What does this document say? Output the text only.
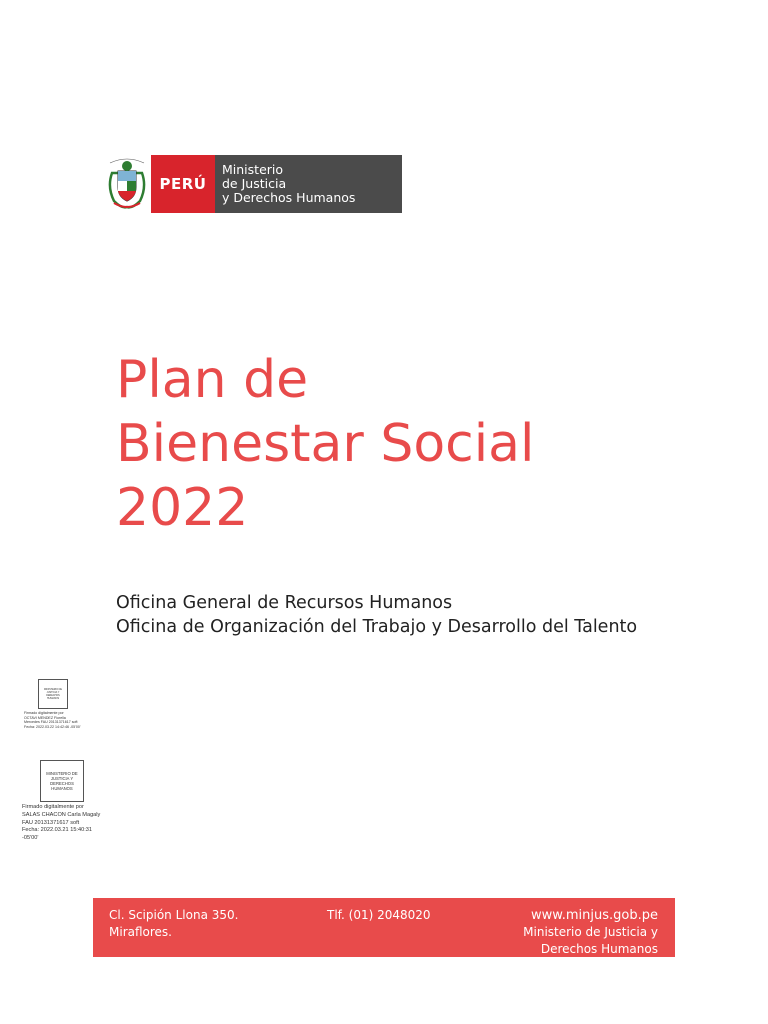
PERÚ
Ministerio
de Justicia
y Derechos Humanos
Plan de
Bienestar Social
2022
Oficina General de Recursos Humanos
Oficina de Organización del Trabajo y Desarrollo del Talento
MINISTERIO DE
JUSTICIA Y
DERECHOS
HUMANOS
Firmado digitalmente por
OCTAVI MENDEZ Fiorella
Mercedes FAU 20131371617 soft
Fecha: 2022.03.22 14:42:46 -05'00'
MINISTERIO DE
JUSTICIA Y
DERECHOS
HUMANOS
Firmado digitalmente por
SALAS CHACON Carla Magaly
FAU 20131371617 soft
Fecha: 2022.03.21 15:40:31
-05'00'
Cl. Scipión Llona 350.
Miraflores.
Tlf. (01) 2048020	www.minjus.gob.pe
Ministerio de Justicia y
Derechos Humanos
